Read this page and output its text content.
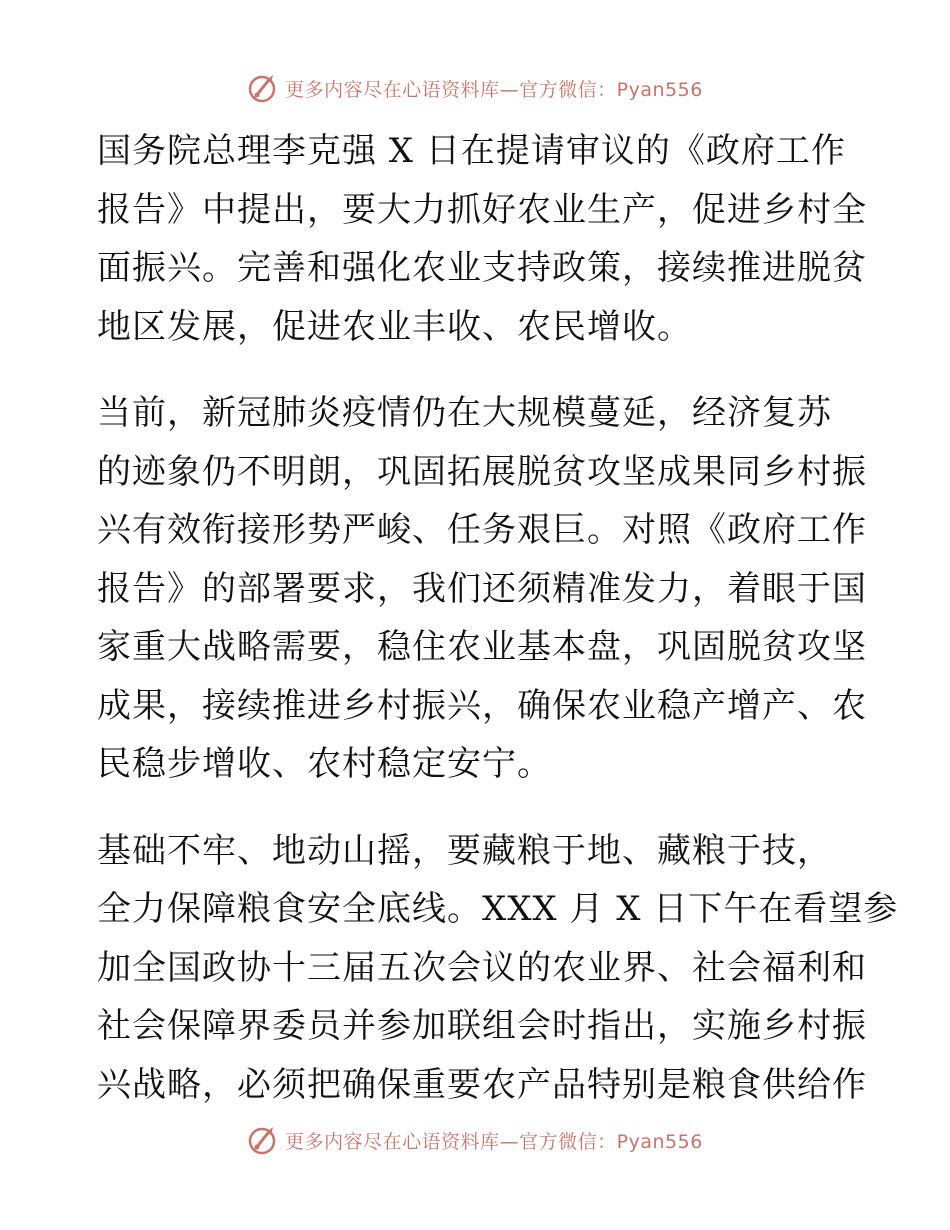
更多内容尽在心语资料库—官方微信：Pyan556

国务院总理李克强 X 日在提请审议的《政府工作
报告》中提出，要大力抓好农业生产，促进乡村全
面振兴。完善和强化农业支持政策，接续推进脱贫
地区发展，促进农业丰收、农民增收。

当前，新冠肺炎疫情仍在大规模蔓延，经济复苏
的迹象仍不明朗，巩固拓展脱贫攻坚成果同乡村振
兴有效衔接形势严峻、任务艰巨。对照《政府工作
报告》的部署要求，我们还须精准发力，着眼于国
家重大战略需要，稳住农业基本盘，巩固脱贫攻坚
成果，接续推进乡村振兴，确保农业稳产增产、农
民稳步增收、农村稳定安宁。

基础不牢、地动山摇，要藏粮于地、藏粮于技，
全力保障粮食安全底线。XXX 月 X 日下午在看望参
加全国政协十三届五次会议的农业界、社会福利和
社会保障界委员并参加联组会时指出，实施乡村振
兴战略，必须把确保重要农产品特别是粮食供给作

更多内容尽在心语资料库—官方微信：Pyan556
